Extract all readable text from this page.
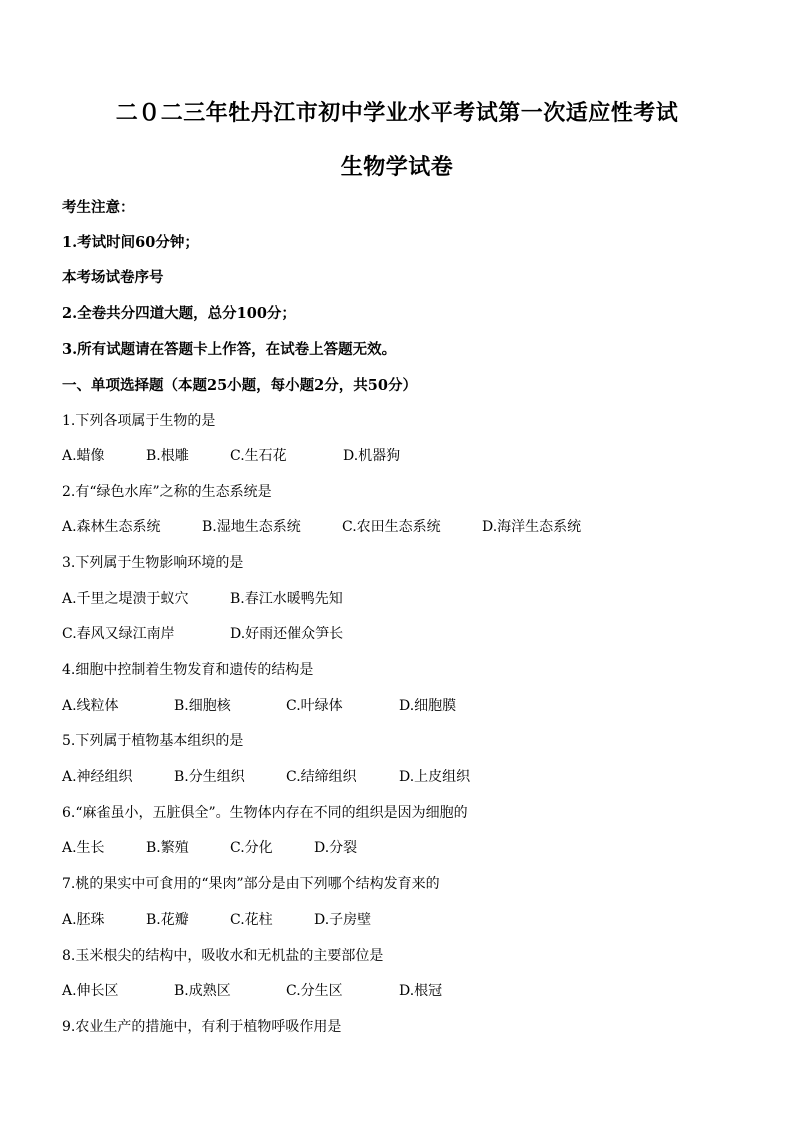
二０二三年牡丹江市初中学业水平考试第一次适应性考试
生物学试卷
考生注意：
1.考试时间60分钟；
本考场试卷序号
2.全卷共分四道大题，总分100分；
3.所有试题请在答题卡上作答，在试卷上答题无效。
一、单项选择题（本题25小题，每小题2分，共50分）
1.下列各项属于生物的是
A.蜡像	B.根雕	C.生石花	D.机器狗
2.有“绿色水库”之称的生态系统是
A.森林生态系统	B.湿地生态系统	C.农田生态系统	D.海洋生态系统
3.下列属于生物影响环境的是
A.千里之堤溃于蚁穴	B.春江水暖鸭先知
C.春风又绿江南岸	D.好雨还催众笋长
4.细胞中控制着生物发育和遗传的结构是
A.线粒体	B.细胞核	C.叶绿体	D.细胞膜
5.下列属于植物基本组织的是
A.神经组织	B.分生组织	C.结缔组织	D.上皮组织
6.“麻雀虽小，五脏俱全”。生物体内存在不同的组织是因为细胞的
A.生长	B.繁殖	C.分化	D.分裂
7.桃的果实中可食用的“果肉”部分是由下列哪个结构发育来的
A.胚珠	B.花瓣	C.花柱	D.子房壁
8.玉米根尖的结构中，吸收水和无机盐的主要部位是
A.伸长区	B.成熟区	C.分生区	D.根冠
9.农业生产的措施中，有利于植物呼吸作用是
